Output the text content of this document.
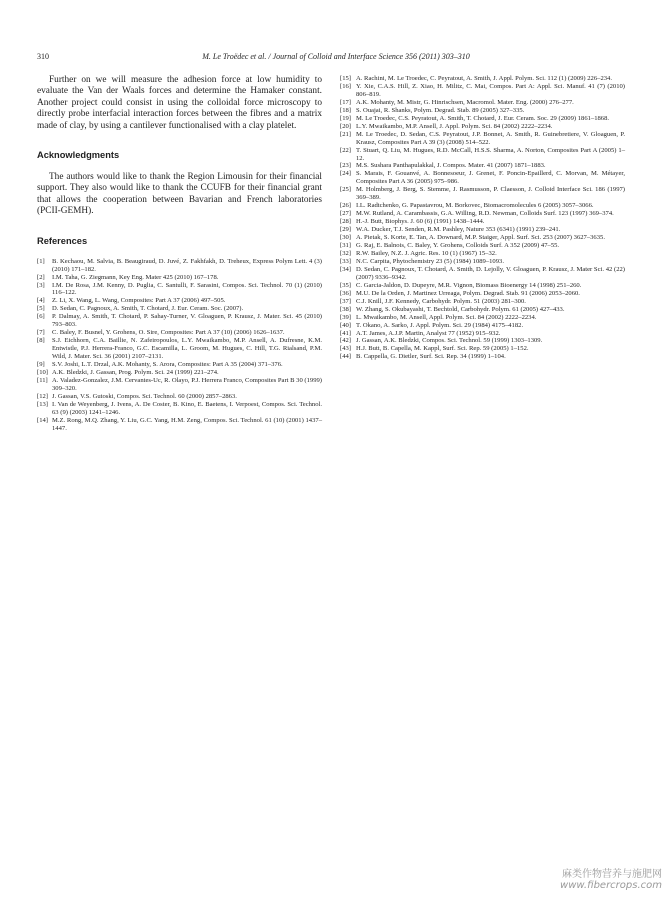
310	M. Le Troëdec et al. / Journal of Colloid and Interface Science 356 (2011) 303–310

Further on we will measure the adhesion force at low humidity to evaluate the Van der Waals forces and determine the Hamaker constant. Another project could consist in using the colloidal force microscopy to directly probe interfacial interaction forces between the fibres and a matrix made of clay, by using a cantilever functionalised with a clay platelet.

Acknowledgments

The authors would like to thank the Region Limousin for their financial support. They also would like to thank the CCUFB for their financial grant that allows the cooperation between Bavarian and French laboratories (PCII-GEMH).

References
[1] B. Kechaou, M. Salvia, B. Beaugiraud, D. Juvé, Z. Fakhfakh, D. Treheux, Express Polym Lett. 4 (3) (2010) 171–182.
[2] I.M. Taha, G. Ziegmann, Key Eng. Mater 425 (2010) 167–178.
[3] I.M. De Rosa, J.M. Kenny, D. Puglia, C. Santulli, F. Sarasini, Compos. Sci. Technol. 70 (1) (2010) 116–122.
[4] Z. Li, X. Wang, L. Wang, Composites: Part A 37 (2006) 497–505.
[5] D. Sedan, C. Pagnoux, A. Smith, T. Chotard, J. Eur. Ceram. Soc. (2007).
[6] P. Dalmay, A. Smith, T. Chotard, P. Sahay-Turner, V. Gloaguen, P. Krausz, J. Mater. Sci. 45 (2010) 793–803.
[7] C. Baley, F. Busnel, Y. Grohens, O. Sire, Composites: Part A 37 (10) (2006) 1626–1637.
[8] S.J. Eichhorn, C.A. Baillie, N. Zafeiropoulos, L.Y. Mwaikambo, M.P. Ansell, A. Dufresne, K.M. Entwistle, P.J. Herrera-Franco, G.C. Escamilla, L. Groom, M. Hugues, C. Hill, T.G. Rialsand, P.M. Wild, J. Mater. Sci. 36 (2001) 2107–2131.
[9] S.V. Joshi, L.T. Drzal, A.K. Mohanty, S. Arora, Composites: Part A 35 (2004) 371–376.
[10] A.K. Bledzki, J. Gassan, Prog. Polym. Sci. 24 (1999) 221–274.
[11] A. Valadez-Gonzalez, J.M. Cervantes-Uc, R. Olayo, P.J. Herrera Franco, Composites Part B 30 (1999) 309–320.
[12] J. Gassan, V.S. Gutoski, Compos. Sci. Technol. 60 (2000) 2857–2863.
[13] I. Van de Weyenberg, J. Ivens, A. De Coster, B. Kino, E. Baetens, I. Verpoest, Compos. Sci. Technol. 63 (9) (2003) 1241–1246.
[14] M.Z. Rong, M.Q. Zhang, Y. Liu, G.C. Yang, H.M. Zeng, Compos. Sci. Technol. 61 (10) (2001) 1437–1447.
[15] A. Rachini, M. Le Troedec, C. Peyratout, A. Smith, J. Appl. Polym. Sci. 112 (1) (2009) 226–234.
[16] Y. Xie, C.A.S. Hill, Z. Xiao, H. Militz, C. Mai, Compos. Part A: Appl. Sci. Manuf. 41 (7) (2010) 806–819.
[17] A.K. Mohanty, M. Mistr, G. Hinrischsen, Macromol. Mater. Eng. (2000) 276–277.
[18] S. Ouajai, R. Shanks, Polym. Degrad. Stab. 89 (2005) 327–335.
[19] M. Le Troedec, C.S. Peyratout, A. Smith, T. Chotard, J. Eur. Ceram. Soc. 29 (2009) 1861–1868.
[20] L.Y. Mwaikambo, M.P. Ansell, J. Appl. Polym. Sci. 84 (2002) 2222–2234.
[21] M. Le Troedec, D. Sedan, C.S. Peyratout, J.P. Bonnet, A. Smith, R. Guinebretiere, V. Gloaguen, P. Krausz, Composites Part A 39 (3) (2008) 514–522.
[22] T. Stuart, Q. Liu, M. Hugues, R.D. McCall, H.S.S. Sharma, A. Norton, Composites Part A (2005) 1–12.
[23] M.S. Sushara Panthapulakkal, J. Compos. Mater. 41 (2007) 1871–1883.
[24] S. Marais, F. Gouanvé, A. Bonnesoeur, J. Grenet, F. Poncin-Epaillerd, C. Morvan, M. Métayer, Composites Part A 36 (2005) 975–986.
[25] M. Holmberg, J. Berg, S. Stemme, J. Rasmusson, P. Claesson, J. Colloid Interface Sci. 186 (1997) 369–389.
[26] I.L. Radtchenko, G. Papastavrou, M. Borkovec, Biomacromolecules 6 (2005) 3057–3066.
[27] M.W. Rutland, A. Carambassis, G.A. Willing, R.D. Newman, Colloids Surf. 123 (1997) 369–374.
[28] H.-J. Butt, Biophys. J. 60 (6) (1991) 1438–1444.
[29] W.A. Ducker, T.J. Senden, R.M. Pashley, Nature 353 (6341) (1991) 239–241.
[30] A. Pietak, S. Korte, E. Tan, A. Downard, M.P. Staiger, Appl. Surf. Sci. 253 (2007) 3627–3635.
[31] G. Raj, E. Balnois, C. Baley, Y. Grohens, Colloids Surf. A 352 (2009) 47–55.
[32] R.W. Bailey, N.Z. J. Agric. Res. 10 (1) (1967) 15–32.
[33] N.C. Carpita, Phytochemistry 23 (5) (1984) 1089–1093.
[34] D. Sedan, C. Pagnoux, T. Chotard, A. Smith, D. Lejolly, V. Gloaguen, P. Krausz, J. Mater Sci. 42 (22) (2007) 9336–9342.
[35] C. Garcia-Jaldon, D. Dupeyre, M.R. Vignon, Biomass Bioenergy 14 (1998) 251–260.
[36] M.U. De la Orden, J. Martinez Urreaga, Polym. Degrad. Stab. 91 (2006) 2053–2060.
[37] C.J. Knill, J.F. Kennedy, Carbohydr. Polym. 51 (2003) 281–300.
[38] W. Zhang, S. Okubayashi, T. Bechtold, Carbohydr. Polym. 61 (2005) 427–433.
[39] L. Mwaikambo, M. Ansell, Appl. Polym. Sci. 84 (2002) 2222–2234.
[40] T. Okano, A. Sarko, J. Appl. Polym. Sci. 29 (1984) 4175–4182.
[41] A.T. James, A.J.P. Martin, Analyst 77 (1952) 915–932.
[42] J. Gassan, A.K. Bledzki, Compos. Sci. Technol. 59 (1999) 1303–1309.
[43] H.J. Butt, B. Capella, M. Kappl, Surf. Sci. Rep. 59 (2005) 1–152.
[44] B. Cappella, G. Dietler, Surf. Sci. Rep. 34 (1999) 1–104.
麻类作物营养与施肥网
www.fibercrops.com
